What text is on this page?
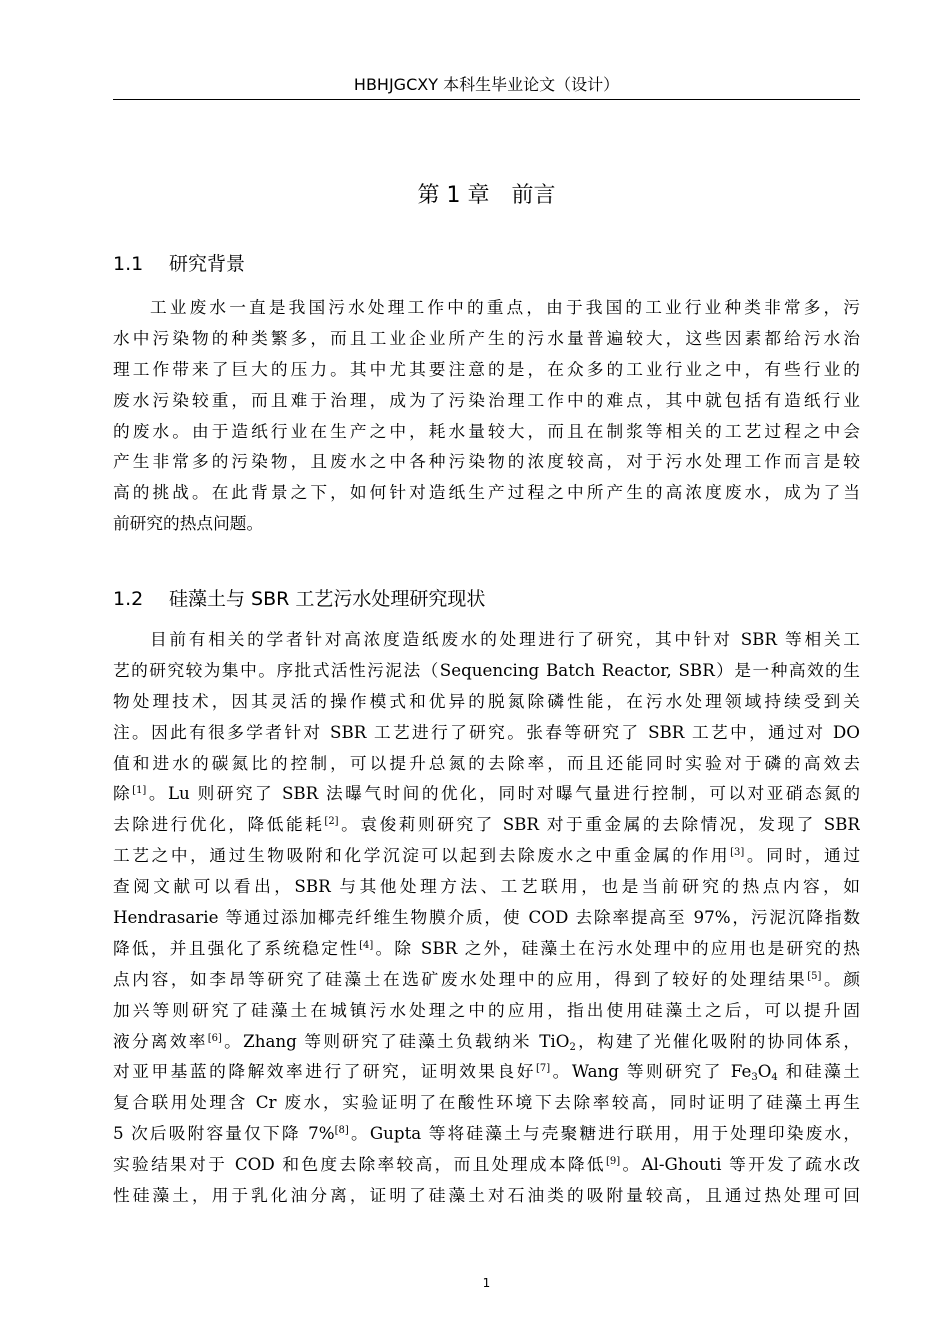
HBHJGCXY 本科生毕业论文（设计）
第 1 章 前言
1.1 研究背景
工业废水一直是我国污水处理工作中的重点，由于我国的工业行业种类非常多，污
水中污染物的种类繁多，而且工业企业所产生的污水量普遍较大，这些因素都给污水治
理工作带来了巨大的压力。其中尤其要注意的是，在众多的工业行业之中，有些行业的
废水污染较重，而且难于治理，成为了污染治理工作中的难点，其中就包括有造纸行业
的废水。由于造纸行业在生产之中，耗水量较大，而且在制浆等相关的工艺过程之中会
产生非常多的污染物，且废水之中各种污染物的浓度较高，对于污水处理工作而言是较
高的挑战。在此背景之下，如何针对造纸生产过程之中所产生的高浓度废水，成为了当
前研究的热点问题。
1.2 硅藻土与 SBR 工艺污水处理研究现状
目前有相关的学者针对高浓度造纸废水的处理进行了研究，其中针对 SBR 等相关工
艺的研究较为集中。序批式活性污泥法（Sequencing Batch Reactor, SBR）是一种高效的生
物处理技术，因其灵活的操作模式和优异的脱氮除磷性能，在污水处理领域持续受到关
注。因此有很多学者针对 SBR 工艺进行了研究。张春等研究了 SBR 工艺中，通过对 DO
值和进水的碳氮比的控制，可以提升总氮的去除率，而且还能同时实验对于磷的高效去
除[1]。Lu 则研究了 SBR 法曝气时间的优化，同时对曝气量进行控制，可以对亚硝态氮的
去除进行优化，降低能耗[2]。袁俊莉则研究了 SBR 对于重金属的去除情况，发现了 SBR
工艺之中，通过生物吸附和化学沉淀可以起到去除废水之中重金属的作用[3]。同时，通过
查阅文献可以看出，SBR 与其他处理方法、工艺联用，也是当前研究的热点内容，如
Hendrasarie 等通过添加椰壳纤维生物膜介质，使 COD 去除率提高至 97%，污泥沉降指数
降低，并且强化了系统稳定性[4]。除 SBR 之外，硅藻土在污水处理中的应用也是研究的热
点内容，如李昂等研究了硅藻土在选矿废水处理中的应用，得到了较好的处理结果[5]。颜
加兴等则研究了硅藻土在城镇污水处理之中的应用，指出使用硅藻土之后，可以提升固
液分离效率[6]。Zhang 等则研究了硅藻土负载纳米 TiO$_2$，构建了光催化吸附的协同体系，
对亚甲基蓝的降解效率进行了研究，证明效果良好[7]。Wang 等则研究了 $Fe_3O_4$ 和硅藻土
复合联用处理含 Cr 废水，实验证明了在酸性环境下去除率较高，同时证明了硅藻土再生
5 次后吸附容量仅下降 7%[8]。Gupta 等将硅藻土与壳聚糖进行联用，用于处理印染废水，
实验结果对于 COD 和色度去除率较高，而且处理成本降低[9]。Al-Ghouti 等开发了疏水改
性硅藻土，用于乳化油分离，证明了硅藻土对石油类的吸附量较高，且通过热处理可回
1
